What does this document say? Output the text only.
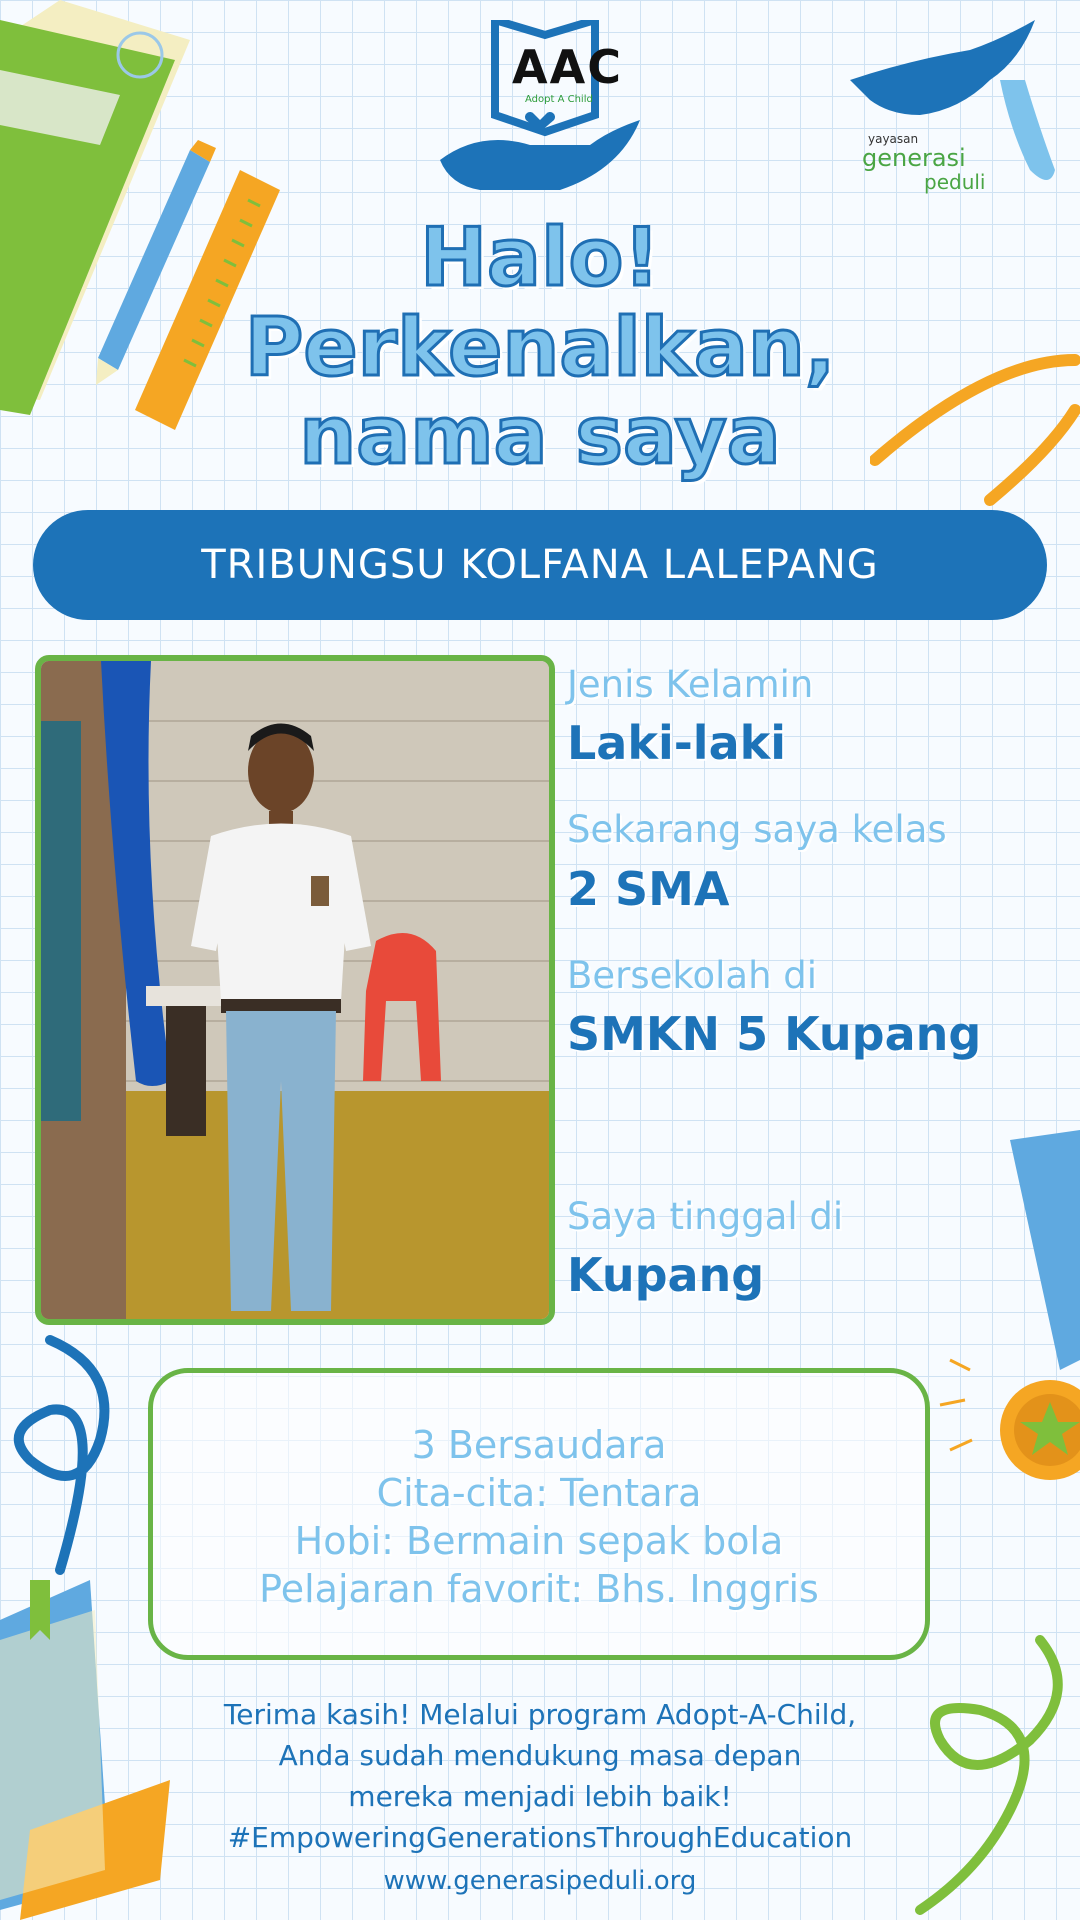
AAC
Adopt A Child
yayasan
generasi
peduli
Halo!
Perkenalkan,
nama saya
TRIBUNGSU KOLFANA LALEPANG
Jenis Kelamin
Laki-laki
Sekarang saya kelas
2 SMA
Bersekolah di
SMKN 5 Kupang
Saya tinggal di
Kupang
3 Bersaudara
Cita-cita: Tentara
Hobi: Bermain sepak bola
Pelajaran favorit: Bhs. Inggris
Terima kasih! Melalui program Adopt-A-Child,
Anda sudah mendukung masa depan
mereka menjadi lebih baik!
#EmpoweringGenerationsThroughEducation
www.generasipeduli.org
